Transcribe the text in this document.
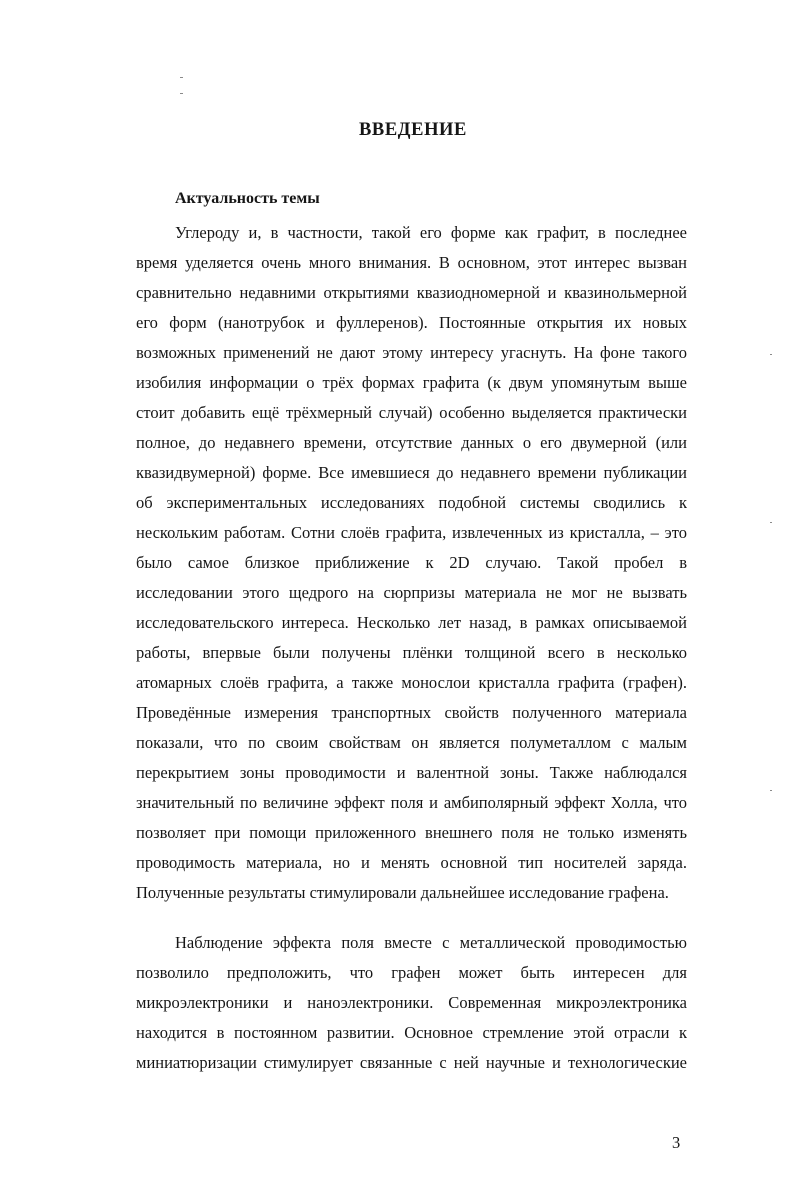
ВВЕДЕНИЕ
Актуальность темы
Углероду и, в частности, такой его форме как графит, в последнее
время уделяется очень много внимания. В основном, этот интерес вызван
сравнительно недавними открытиями квазиодномерной и квазинольмерной
его форм (нанотрубок и фуллеренов). Постоянные открытия их новых
возможных применений не дают этому интересу угаснуть. На фоне такого
изобилия информации о трёх формах графита (к двум упомянутым выше
стоит добавить ещё трёхмерный случай) особенно выделяется практически
полное, до недавнего времени, отсутствие данных о его двумерной (или
квазидвумерной) форме. Все имевшиеся до недавнего времени публикации
об экспериментальных исследованиях подобной системы сводились к
нескольким работам. Сотни слоёв графита, извлеченных из кристалла, – это
было самое близкое приближение к 2D случаю. Такой пробел в
исследовании этого щедрого на сюрпризы материала не мог не вызвать
исследовательского интереса. Несколько лет назад, в рамках описываемой
работы, впервые были получены плёнки толщиной всего в несколько
атомарных слоёв графита, а также монослои кристалла графита (графен).
Проведённые измерения транспортных свойств полученного материала
показали, что по своим свойствам он является полуметаллом с малым
перекрытием зоны проводимости и валентной зоны. Также наблюдался
значительный по величине эффект поля и амбиполярный эффект Холла, что
позволяет при помощи приложенного внешнего поля не только изменять
проводимость материала, но и менять основной тип носителей заряда.
Полученные результаты стимулировали дальнейшее исследование графена.
Наблюдение эффекта поля вместе с металлической проводимостью
позволило предположить, что графен может быть интересен для
микроэлектроники и наноэлектроники. Современная микроэлектроника
находится в постоянном развитии. Основное стремление этой отрасли к
миниатюризации стимулирует связанные с ней научные и технологические
3
